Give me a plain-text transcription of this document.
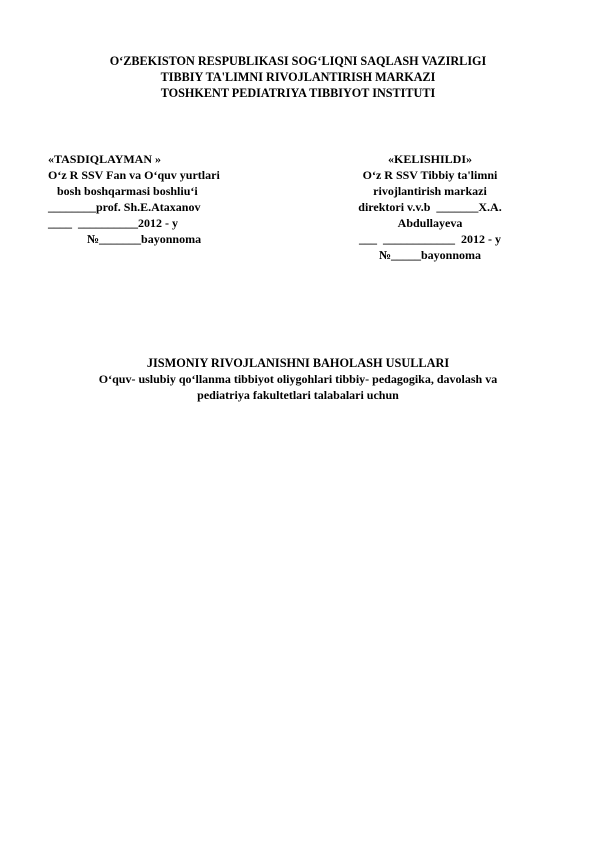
O‘ZBEKISTON RESPUBLIKASI SOG‘LIQNI SAQLASH VAZIRLIGI
TIBBIY TA'LIMNI RIVOJLANTIRISH MARKAZI
TOSHKENT PEDIATRIYA TIBBIYOT INSTITUTI
«TASDIQLAYMAN »
O‘z R SSV Fan va O‘quv yurtlari
bosh boshqarmasi boshliu‘i
________prof. Sh.E.Ataxanov
____  __________2012 - y
№_______bayonnoma
«KELISHILDI»
O‘z R SSV Tibbiy ta'limni
rivojlantirish markazi
direktori v.v.b  _______X.A.
Abdullayeva
___  ____________  2012 - y
№_____bayonnoma
JISMONIY RIVOJLANISHNI BAHOLASH USULLARI
O‘quv- uslubiy qo‘llanma tibbiyot oliygohlari tibbiy- pedagogika, davolash va
pediatriya fakultetlari talabalari uchun
